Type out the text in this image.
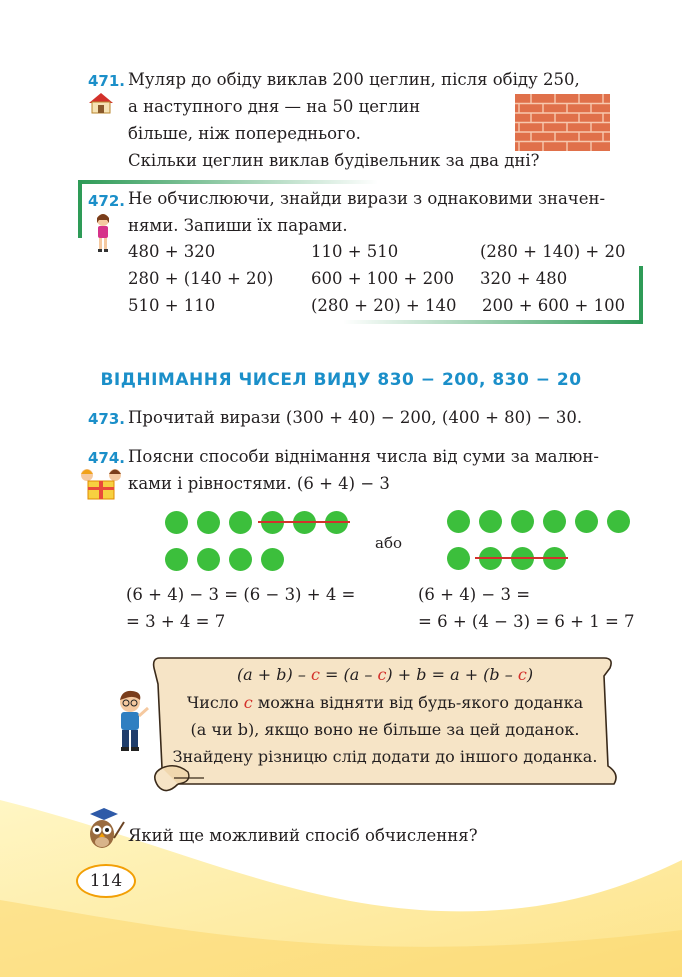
471. Муляр до обіду виклав 200 цеглин, після обіду 250,
а наступного дня — на 50 цеглин
більше, ніж попереднього.
Скільки цеглин виклав будівельник за два дні?
472. Не обчислюючи, знайди вирази з однаковими значен-
нями. Запиши їх парами.
480 + 320
280 + (140 + 20)
510 + 110
110 + 510
600 + 100 + 200
(280 + 20) + 140
(280 + 140) + 20
320 + 480
200 + 600 + 100
ВІДНІМАННЯ ЧИСЕЛ ВИДУ 830 − 200, 830 − 20
473. Прочитай вирази (300 + 40) − 200, (400 + 80) − 30.
474. Поясни способи віднімання числа від суми за малюн-
ками і рівностями. (6 + 4) − 3
або
(6 + 4) − 3 = (6 − 3) + 4 =
= 3 + 4 = 7
(6 + 4) − 3 =
= 6 + (4 − 3) = 6 + 1 = 7
(a + b) – c = (a – c) + b = a + (b – c)
Число c можна відняти від будь-якого доданка
(a чи b), якщо воно не більше за цей доданок.
Знайдену різницю слід додати до іншого доданка.
Який ще можливий спосіб обчислення?
114
